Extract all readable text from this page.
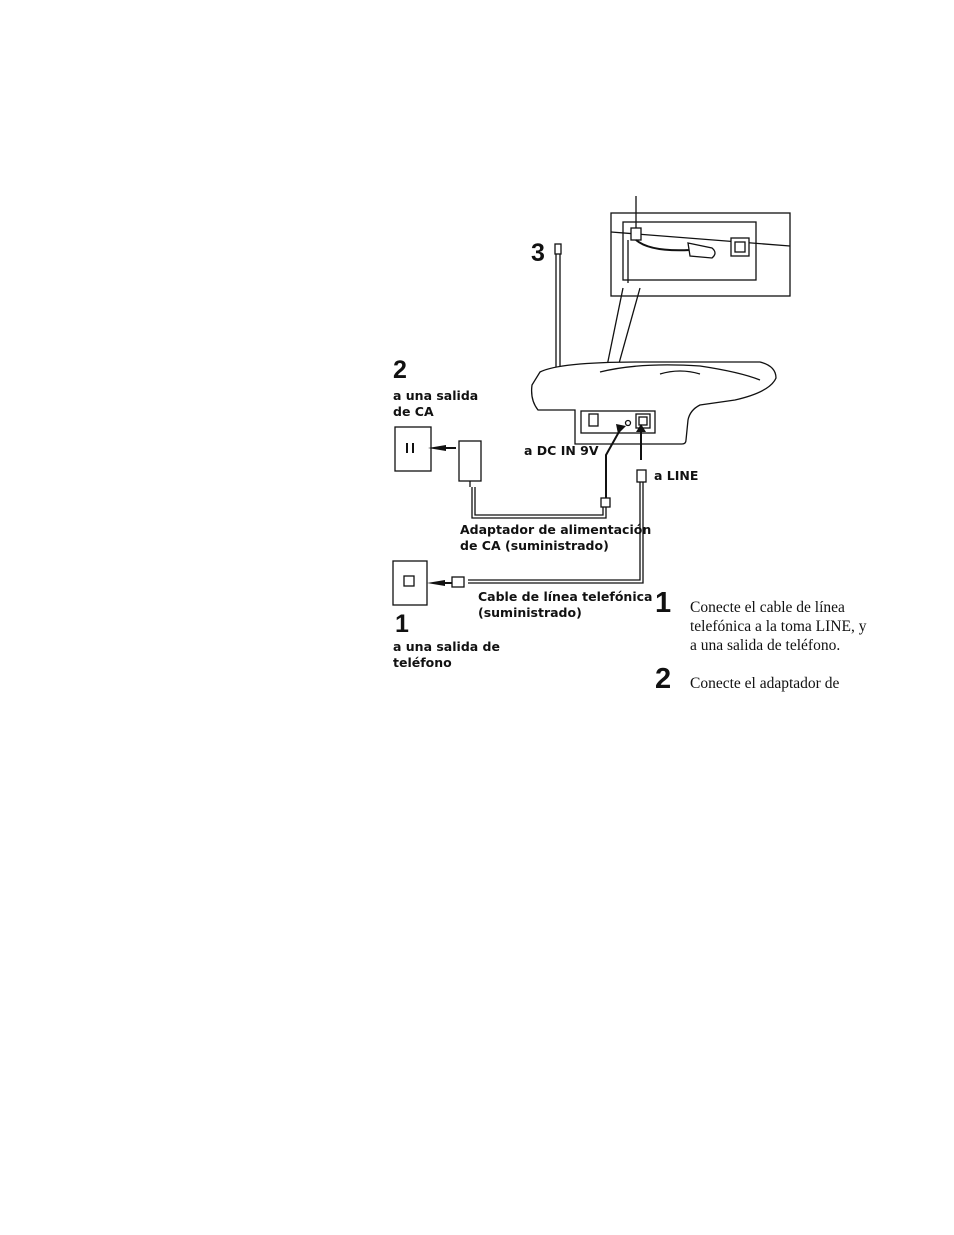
3
2
a una salida
de CA
a DC IN 9V
a LINE
Adaptador de alimentación
de CA (suministrado)
Cable de línea telefónica
(suministrado)
1
a una salida de
teléfono
1 Conecte el cable de línea
telefónica a la toma LINE, y
a una salida de teléfono.
2 Conecte el adaptador de
